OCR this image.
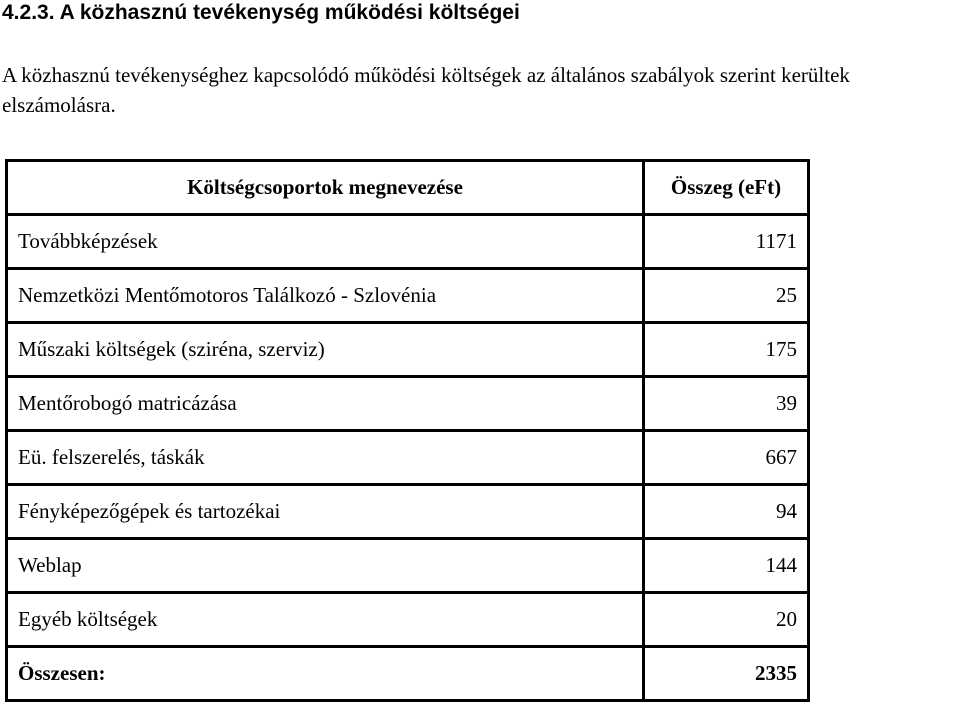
4.2.3. A közhasznú tevékenység működési költségei
A közhasznú tevékenységhez kapcsolódó működési költségek az általános szabályok szerint kerültek elszámolásra.
Költségcsoportok megnevezése	Összeg (eFt)
Továbbképzések	1171
Nemzetközi Mentőmotoros Találkozó - Szlovénia	25
Műszaki költségek (sziréna, szerviz)	175
Mentőrobogó matricázása	39
Eü. felszerelés, táskák	667
Fényképezőgépek és tartozékai	94
Weblap	144
Egyéb költségek	20
Összesen:	2335
